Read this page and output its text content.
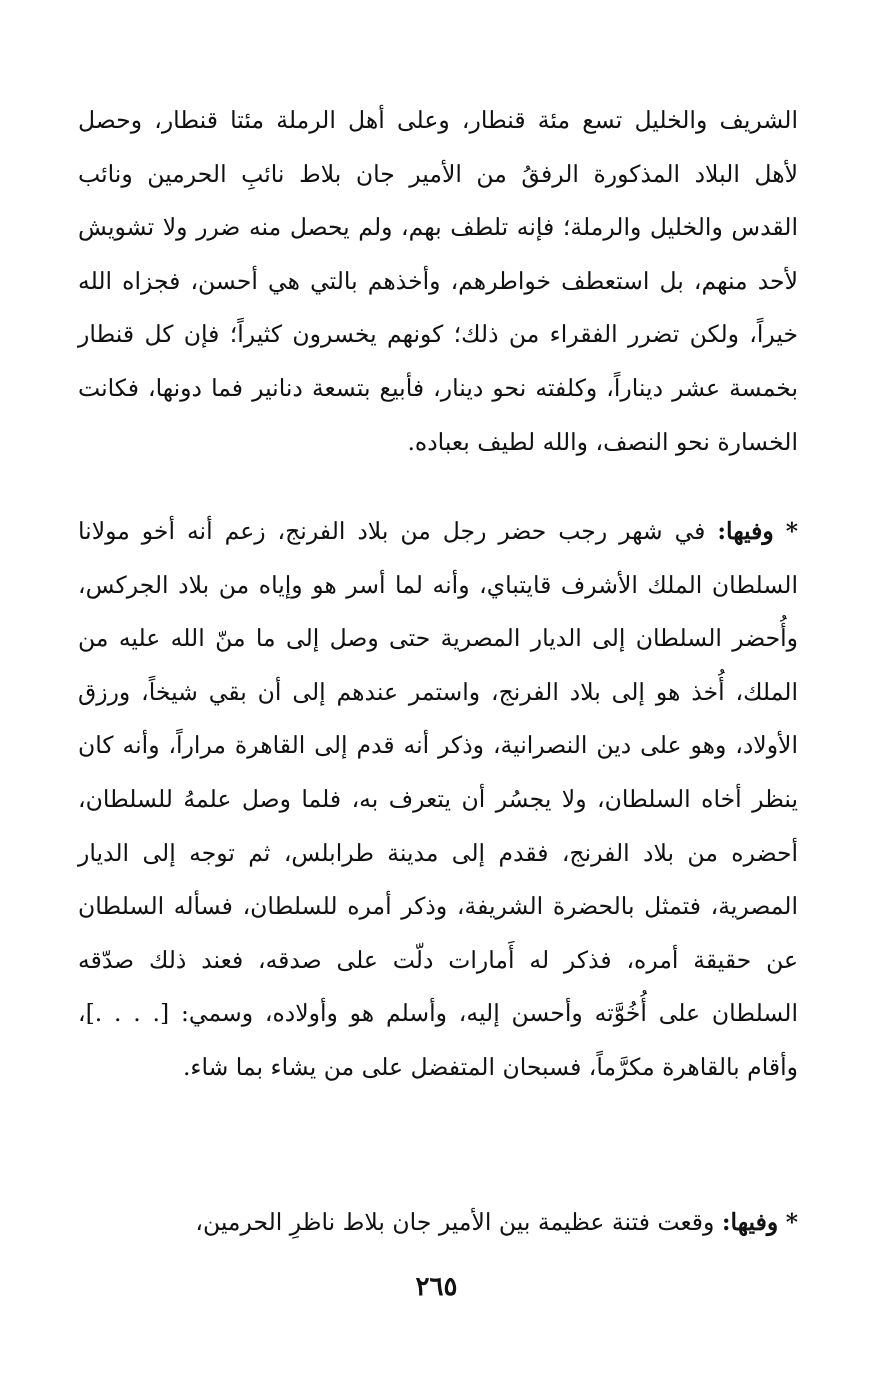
الشريف والخليل تسع مئة قنطار، وعلى أهل الرملة مئتا قنطار، وحصل لأهل البلاد المذكورة الرفقُ من الأمير جان بلاط نائبِ الحرمين ونائب القدس والخليل والرملة؛ فإنه تلطف بهم، ولم يحصل منه ضرر ولا تشويش لأحد منهم، بل استعطف خواطرهم، وأخذهم بالتي هي أحسن، فجزاه الله خيراً، ولكن تضرر الفقراء من ذلك؛ كونهم يخسرون كثيراً؛ فإن كل قنطار بخمسة عشر ديناراً، وكلفته نحو دينار، فأبيع بتسعة دنانير فما دونها، فكانت الخسارة نحو النصف، والله لطيف بعباده.

* وفيها: في شهر رجب حضر رجل من بلاد الفرنج، زعم أنه أخو مولانا السلطان الملك الأشرف قايتباي، وأنه لما أسر هو وإياه من بلاد الجركس، وأُحضر السلطان إلى الديار المصرية حتى وصل إلى ما منّ الله عليه من الملك، أُخذ هو إلى بلاد الفرنج، واستمر عندهم إلى أن بقي شيخاً، ورزق الأولاد، وهو على دين النصرانية، وذكر أنه قدم إلى القاهرة مراراً، وأنه كان ينظر أخاه السلطان، ولا يجسُر أن يتعرف به، فلما وصل علمهُ للسلطان، أحضره من بلاد الفرنج، فقدم إلى مدينة طرابلس، ثم توجه إلى الديار المصرية، فتمثل بالحضرة الشريفة، وذكر أمره للسلطان، فسأله السلطان عن حقيقة أمره، فذكر له أَمارات دلّت على صدقه، فعند ذلك صدّقه السلطان على أُخُوَّته وأحسن إليه، وأسلم هو وأولاده، وسمي: [. . . .]، وأقام بالقاهرة مكرَّماً، فسبحان المتفضل على من يشاء بما شاء.

* وفيها: وقعت فتنة عظيمة بين الأمير جان بلاط ناظرِ الحرمين،

٢٦٥
